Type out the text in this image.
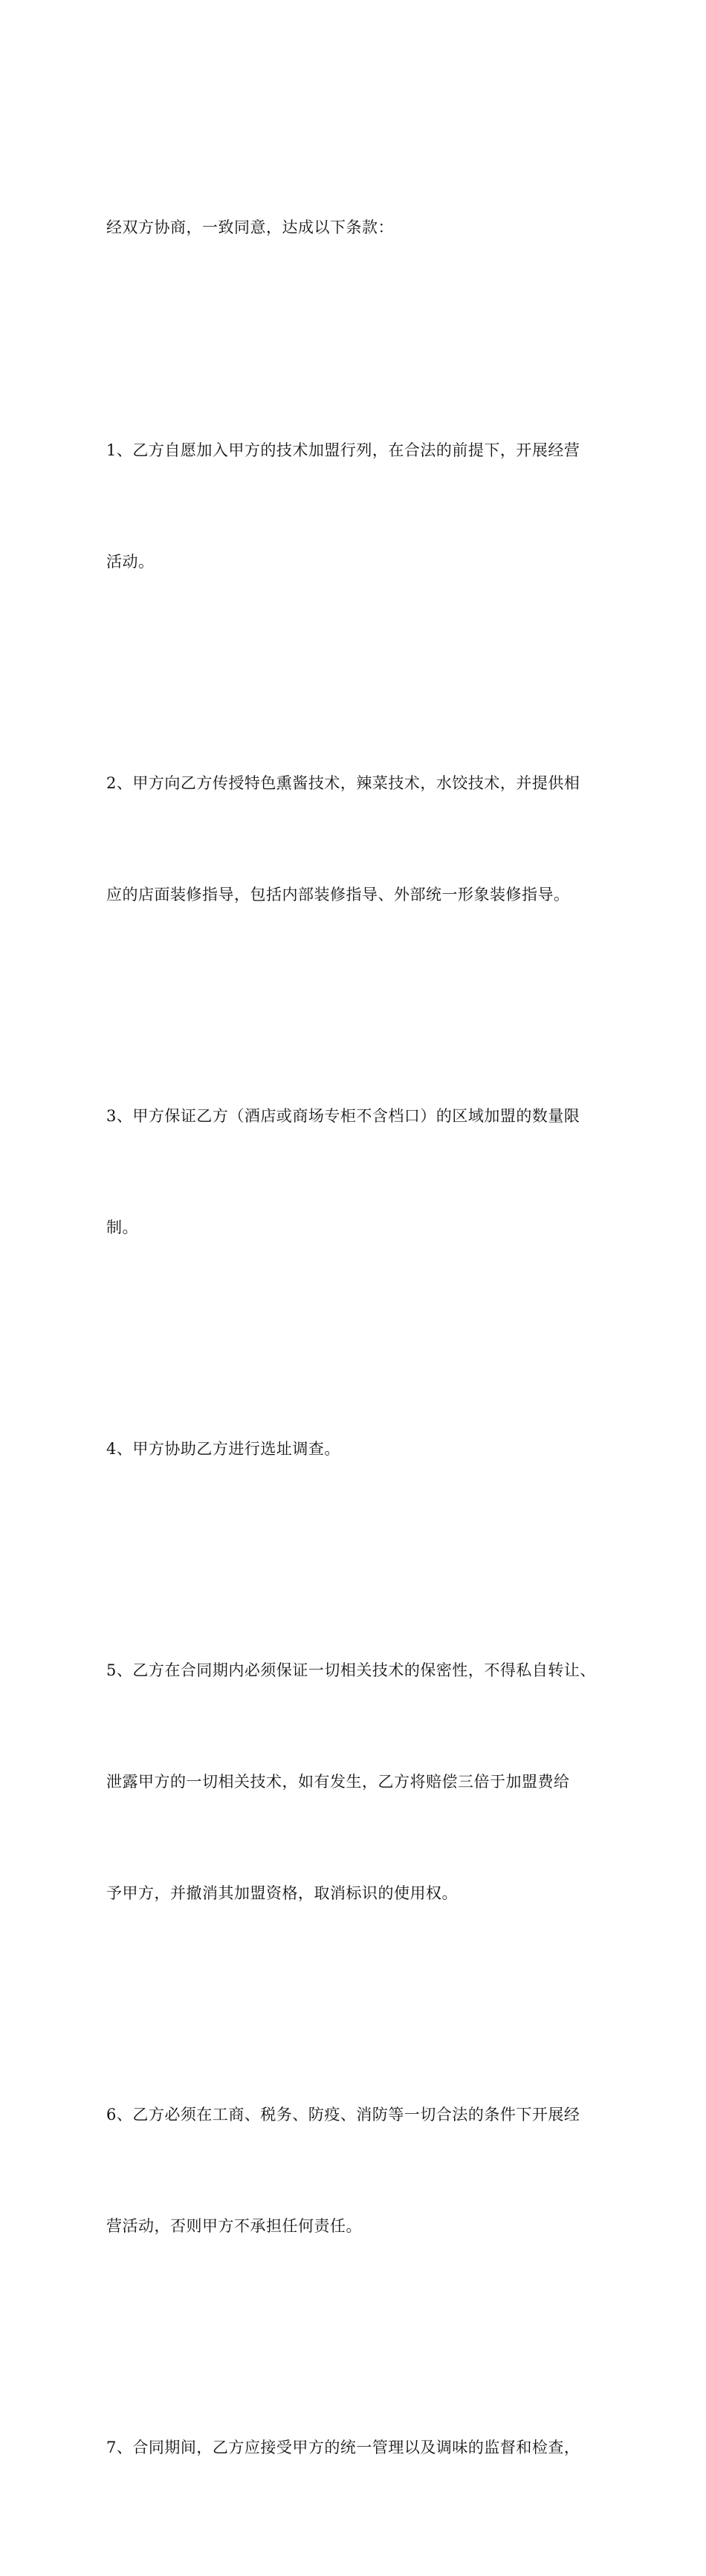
经双方协商，一致同意，达成以下条款：

1、乙方自愿加入甲方的技术加盟行列，在合法的前提下，开展经营

活动。

2、甲方向乙方传授特色熏酱技术，辣菜技术，水饺技术，并提供相

应的店面装修指导，包括内部装修指导、外部统一形象装修指导。

3、甲方保证乙方（酒店或商场专柜不含档口）的区域加盟的数量限

制。

4、甲方协助乙方进行选址调查。

5、乙方在合同期内必须保证一切相关技术的保密性，不得私自转让、

泄露甲方的一切相关技术，如有发生，乙方将赔偿三倍于加盟费给

予甲方，并撤消其加盟资格，取消标识的使用权。

6、乙方必须在工商、税务、防疫、消防等一切合法的条件下开展经

营活动，否则甲方不承担任何责任。

7、合同期间，乙方应接受甲方的统一管理以及调味的监督和检查，
